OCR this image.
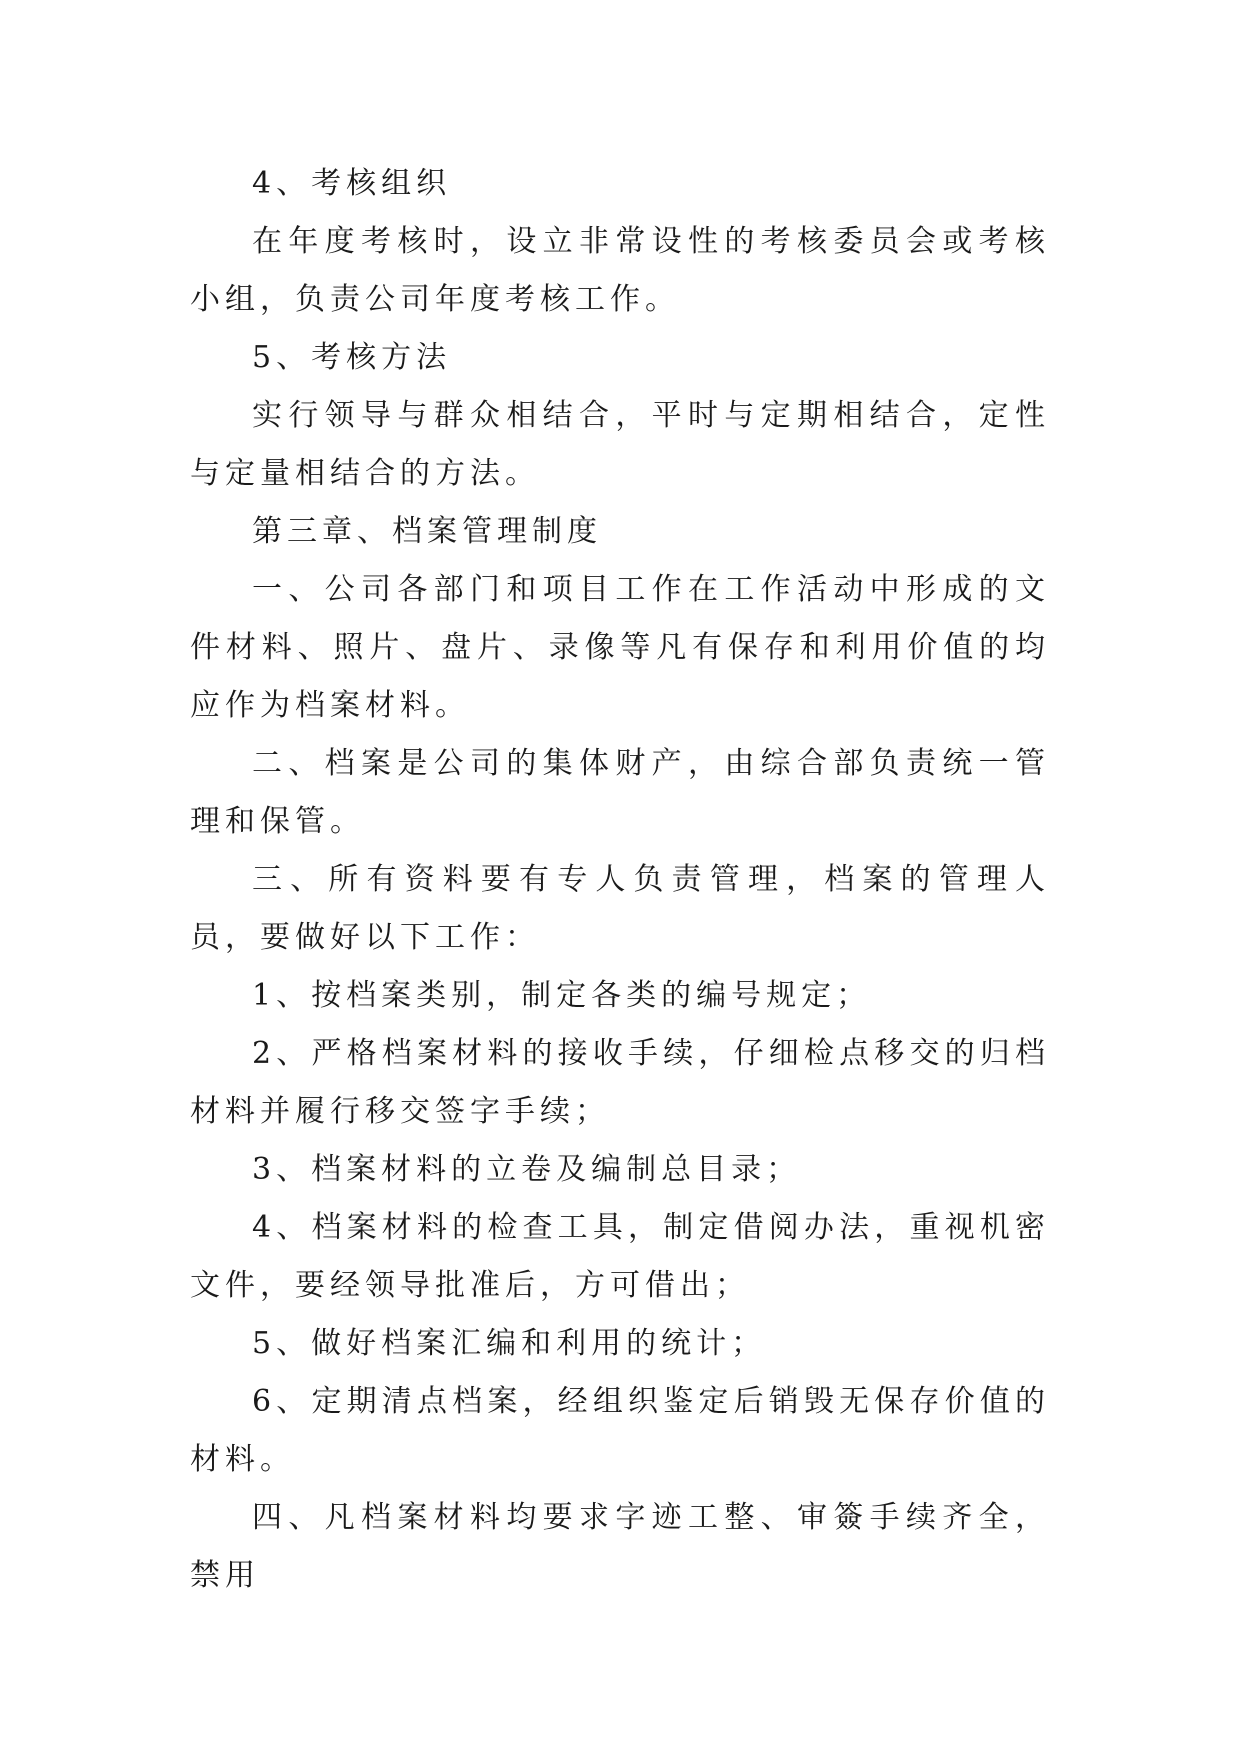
4、考核组织

在年度考核时，设立非常设性的考核委员会或考核小组，负责公司年度考核工作。

5、考核方法

实行领导与群众相结合，平时与定期相结合，定性与定量相结合的方法。

第三章、档案管理制度

一、公司各部门和项目工作在工作活动中形成的文件材料、照片、盘片、录像等凡有保存和利用价值的均应作为档案材料。

二、档案是公司的集体财产，由综合部负责统一管理和保管。

三、所有资料要有专人负责管理，档案的管理人员，要做好以下工作：

1、按档案类别，制定各类的编号规定；

2、严格档案材料的接收手续，仔细检点移交的归档材料并履行移交签字手续；

3、档案材料的立卷及编制总目录；

4、档案材料的检查工具，制定借阅办法，重视机密文件，要经领导批准后，方可借出；

5、做好档案汇编和利用的统计；

6、定期清点档案，经组织鉴定后销毁无保存价值的材料。

四、凡档案材料均要求字迹工整、审簽手续齐全，禁用
